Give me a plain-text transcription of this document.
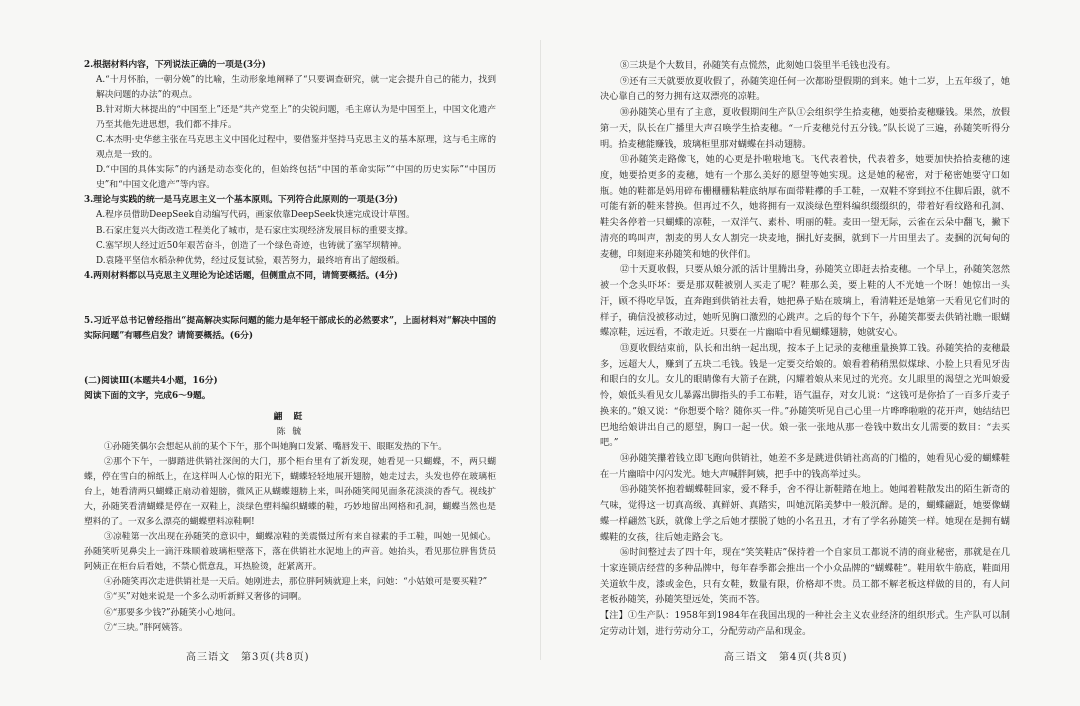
2.根据材料内容，下列说法正确的一项是(3分)

A.“十月怀胎，一朝分娩”的比喻，生动形象地阐释了“只要调查研究，就一定会提升自己的能力，找到解决问题的办法”的观点。

B.针对斯大林提出的“中国至上”还是“共产党至上”的尖锐问题，毛主席认为是中国至上，中国文化遗产乃至其他先进思想，我们都不排斥。

C.本杰明·史华慈主张在马克思主义中国化过程中，要借鉴并坚持马克思主义的基本原理，这与毛主席的观点是一致的。

D.“中国的具体实际”的内涵是动态变化的，但始终包括“中国的革命实际”“中国的历史实际”“中国历史”和“中国文化遗产”等内容。

3.理论与实践的统一是马克思主义一个基本原则。下列符合此原则的一项是(3分)

A.程序员借助DeepSeek自动编写代码，画家依靠DeepSeek快速完成设计草图。

B.石家庄复兴大街改造工程美化了城市，是石家庄实现经济发展目标的重要支撑。

C.塞罕坝人经过近50年艰苦奋斗，创造了一个绿色奇迹，也铸就了塞罕坝精神。

D.袁隆平坚信水稻杂种优势，经过反复试验，艰苦努力，最终培育出了超级稻。

4.两则材料都以马克思主义理论为论述话题，但侧重点不同，请简要概括。(4分)

5.习近平总书记曾经指出“提高解决实际问题的能力是年轻干部成长的必然要求”，上面材料对“解决中国的实际问题”有哪些启发？请简要概括。(6分)

(二)阅读Ⅲ(本题共4小题，16分)

阅读下面的文字，完成6～9题。

翩 跹

陈 毓

①孙随笑偶尔会想起从前的某个下午，那个叫她胸口发紧、嘴唇发干、眼眶发热的下午。

②那个下午，一脚踏进供销社深闺的大门，那个柜台里有了新发现，她看见一只蝴蝶，不，两只蝴蝶，停在雪白的棉纸上，在这样叫人心惊的阳光下，蝴蝶轻轻地展开翅膀，她走过去，头发也停在玻璃柜台上，她看清两只蝴蝶正扇动着翅膀，微风正从蝴蝶翅膀上来，叫孙随笑闻见面条花淡淡的香气。视线扩大，孙随笑看清蝴蝶是停在一双鞋上，淡绿色塑料编织蝴蝶的鞋，巧妙地留出网格和孔洞，蝴蝶当然也是塑料的了。一双多么漂亮的蝴蝶塑料凉鞋啊!

③凉鞋第一次出现在孙随笑的意识中，蝴蝶凉鞋的美震慑过所有来自禄素的手工鞋，叫她一见倾心。孙随笑听见鼻尖上一滴汗珠顺着玻璃柜壁落下，落在供销社水泥地上的声音。她抬头，看见那位胖售货员阿姨正在柜台后看她，不禁心慌意乱，耳热脸烫，赶紧离开。

④孙随笑再次走进供销社是一天后。她刚进去，那位胖阿姨就迎上来，问她：“小姑娘可是要买鞋?”

⑤“买”对她来说是一个多么动听新鲜又奢侈的词啊。

⑥“那要多少钱?”孙随笑小心地问。

⑦“三块。”胖阿姨答。

⑧三块是个大数目，孙随笑有点慌然，此刻她口袋里半毛钱也没有。

⑨还有三天就要放夏收假了，孙随笑迎任何一次都盼望假期的到来。她十二岁，上五年级了，她决心靠自己的努力拥有这双漂亮的凉鞋。

⑩孙随笑心里有了主意，夏收假期间生产队①会组织学生拾麦穗，她要拾麦穗赚钱。果然，放假第一天，队长在广播里大声召唤学生拾麦穗。“一斤麦穗兑付五分钱。”队长说了三遍，孙随笑听得分明。拾麦穗能赚钱，玻璃柜里那对蝴蝶在抖动翅膀。

⑪孙随笑走路像飞，她的心更是扑啦啦地飞。飞代表着快，代表着多，她要加快拾拾麦穗的速度，她要拾更多的麦穗，她有一个那么美好的愿望等她实现。这是她的秘密，对于秘密她要守口如瓶。她的鞋都是妈用碎布栅栅栅粘鞋底纳厚布面带鞋襻的手工鞋，一双鞋不穿到拉不住脚后跟，就不可能有新的鞋来替换。但再过不久，她将拥有一双淡绿色塑料编织缀缀织的，带着好看纹路和孔洞、鞋尖各停着一只蝴蝶的凉鞋，一双洋气、素朴、明丽的鞋。麦田一望无际，云雀在云朵中翻飞，撇下清亮的鸣叫声，割麦的男人女人割完一块麦地，捆扎好麦捆，就到下一片田里去了。麦捆的沉甸甸的麦穗，印刻迎来孙随笑和她的伙伴们。

⑫十天夏收假，只要从娘分派的活计里腾出身，孙随笑立即赶去拾麦穗。一个早上，孙随笑忽然被一个念头吓坏：要是那双鞋被别人买走了呢？鞋那么美，要上鞋的人不光她一个呀！她惊出一头汗，顾不得吃早饭，直奔跑到供销社去看，她把鼻子贴在玻璃上，看清鞋还是她第一天看见它们时的样子，确信没被移动过，她听见胸口激烈的心跳声。之后的每个下午，孙随笑都要去供销社瞧一眼蝴蝶凉鞋，远远看，不敢走近。只要在一片幽暗中看见蝴蝶翅膀，她就安心。

⑬夏收假结束前，队长和出纳一起出现，按本子上记录的麦穗重量换算工钱。孙随笑拾的麦穗最多，远超大人，赚到了五块二毛钱。钱是一定要交给娘的。娘看着稍稍黑似煤球、小脸上只看见牙齿和眼白的女儿。女儿的眼睛像有大箭子在跳，闪耀着娘从来见过的光亮。女儿眼里的渴望之光叫娘爱怜，娘低头看见女儿暴露出脚指头的手工布鞋，语气温存，对女儿说：“这钱可是你拾了一百多斤麦子换来的。”娘又说：“你想要个啥？随你买一件。”孙随笑听见自己心里一片哗哗啦啦的花开声，她结结巴巴地给娘讲出自己的愿望，胸口一起一伏。娘一张一张地从那一卷钱中数出女儿需要的数目：“去买吧。”

⑭孙随笑攥着钱立即飞跑向供销社，她差不多是跳进供销社高高的门槛的，她看见心爱的蝴蝶鞋在一片幽暗中闪闪发光。她大声喊胖阿姨，把手中的钱高举过头。

⑮孙随笑怀抱着蝴蝶鞋回家，爱不释手，舍不得让新鞋踏在地上。她闻着鞋散发出的陌生新奇的气味，觉得这一切真高级、真鲜妍、真踏实，叫她沉陷美梦中一般沉醉。是的，蝴蝶翩跹，她要像蝴蝶一样翩然飞跃，就像上学之后她才摆脱了她的小名丑丑，才有了学名孙随笑一样。她现在是拥有蝴蝶鞋的女孩，往后她走路会飞。

⑯时间整过去了四十年，现在“笑笑鞋店”保持着一个自家员工都说不清的商业秘密，那就是在几十家连锁店经营的多种品牌中，每年春季都会推出一个小众品牌的“蝴蝶鞋”。鞋用软牛筋底，鞋面用关道软牛皮，漆或金色，只有女鞋，数量有限，价格却不贵。员工都不解老板这样做的目的，有人问老板孙随笑，孙随笑望远处，笑而不答。

【注】①生产队：1958年到1984年在我国出现的一种社会主义农业经济的组织形式。生产队可以制定劳动计划，进行劳动分工，分配劳动产品和现金。

高三语文　第3页(共8页)	高三语文　第4页(共8页)
